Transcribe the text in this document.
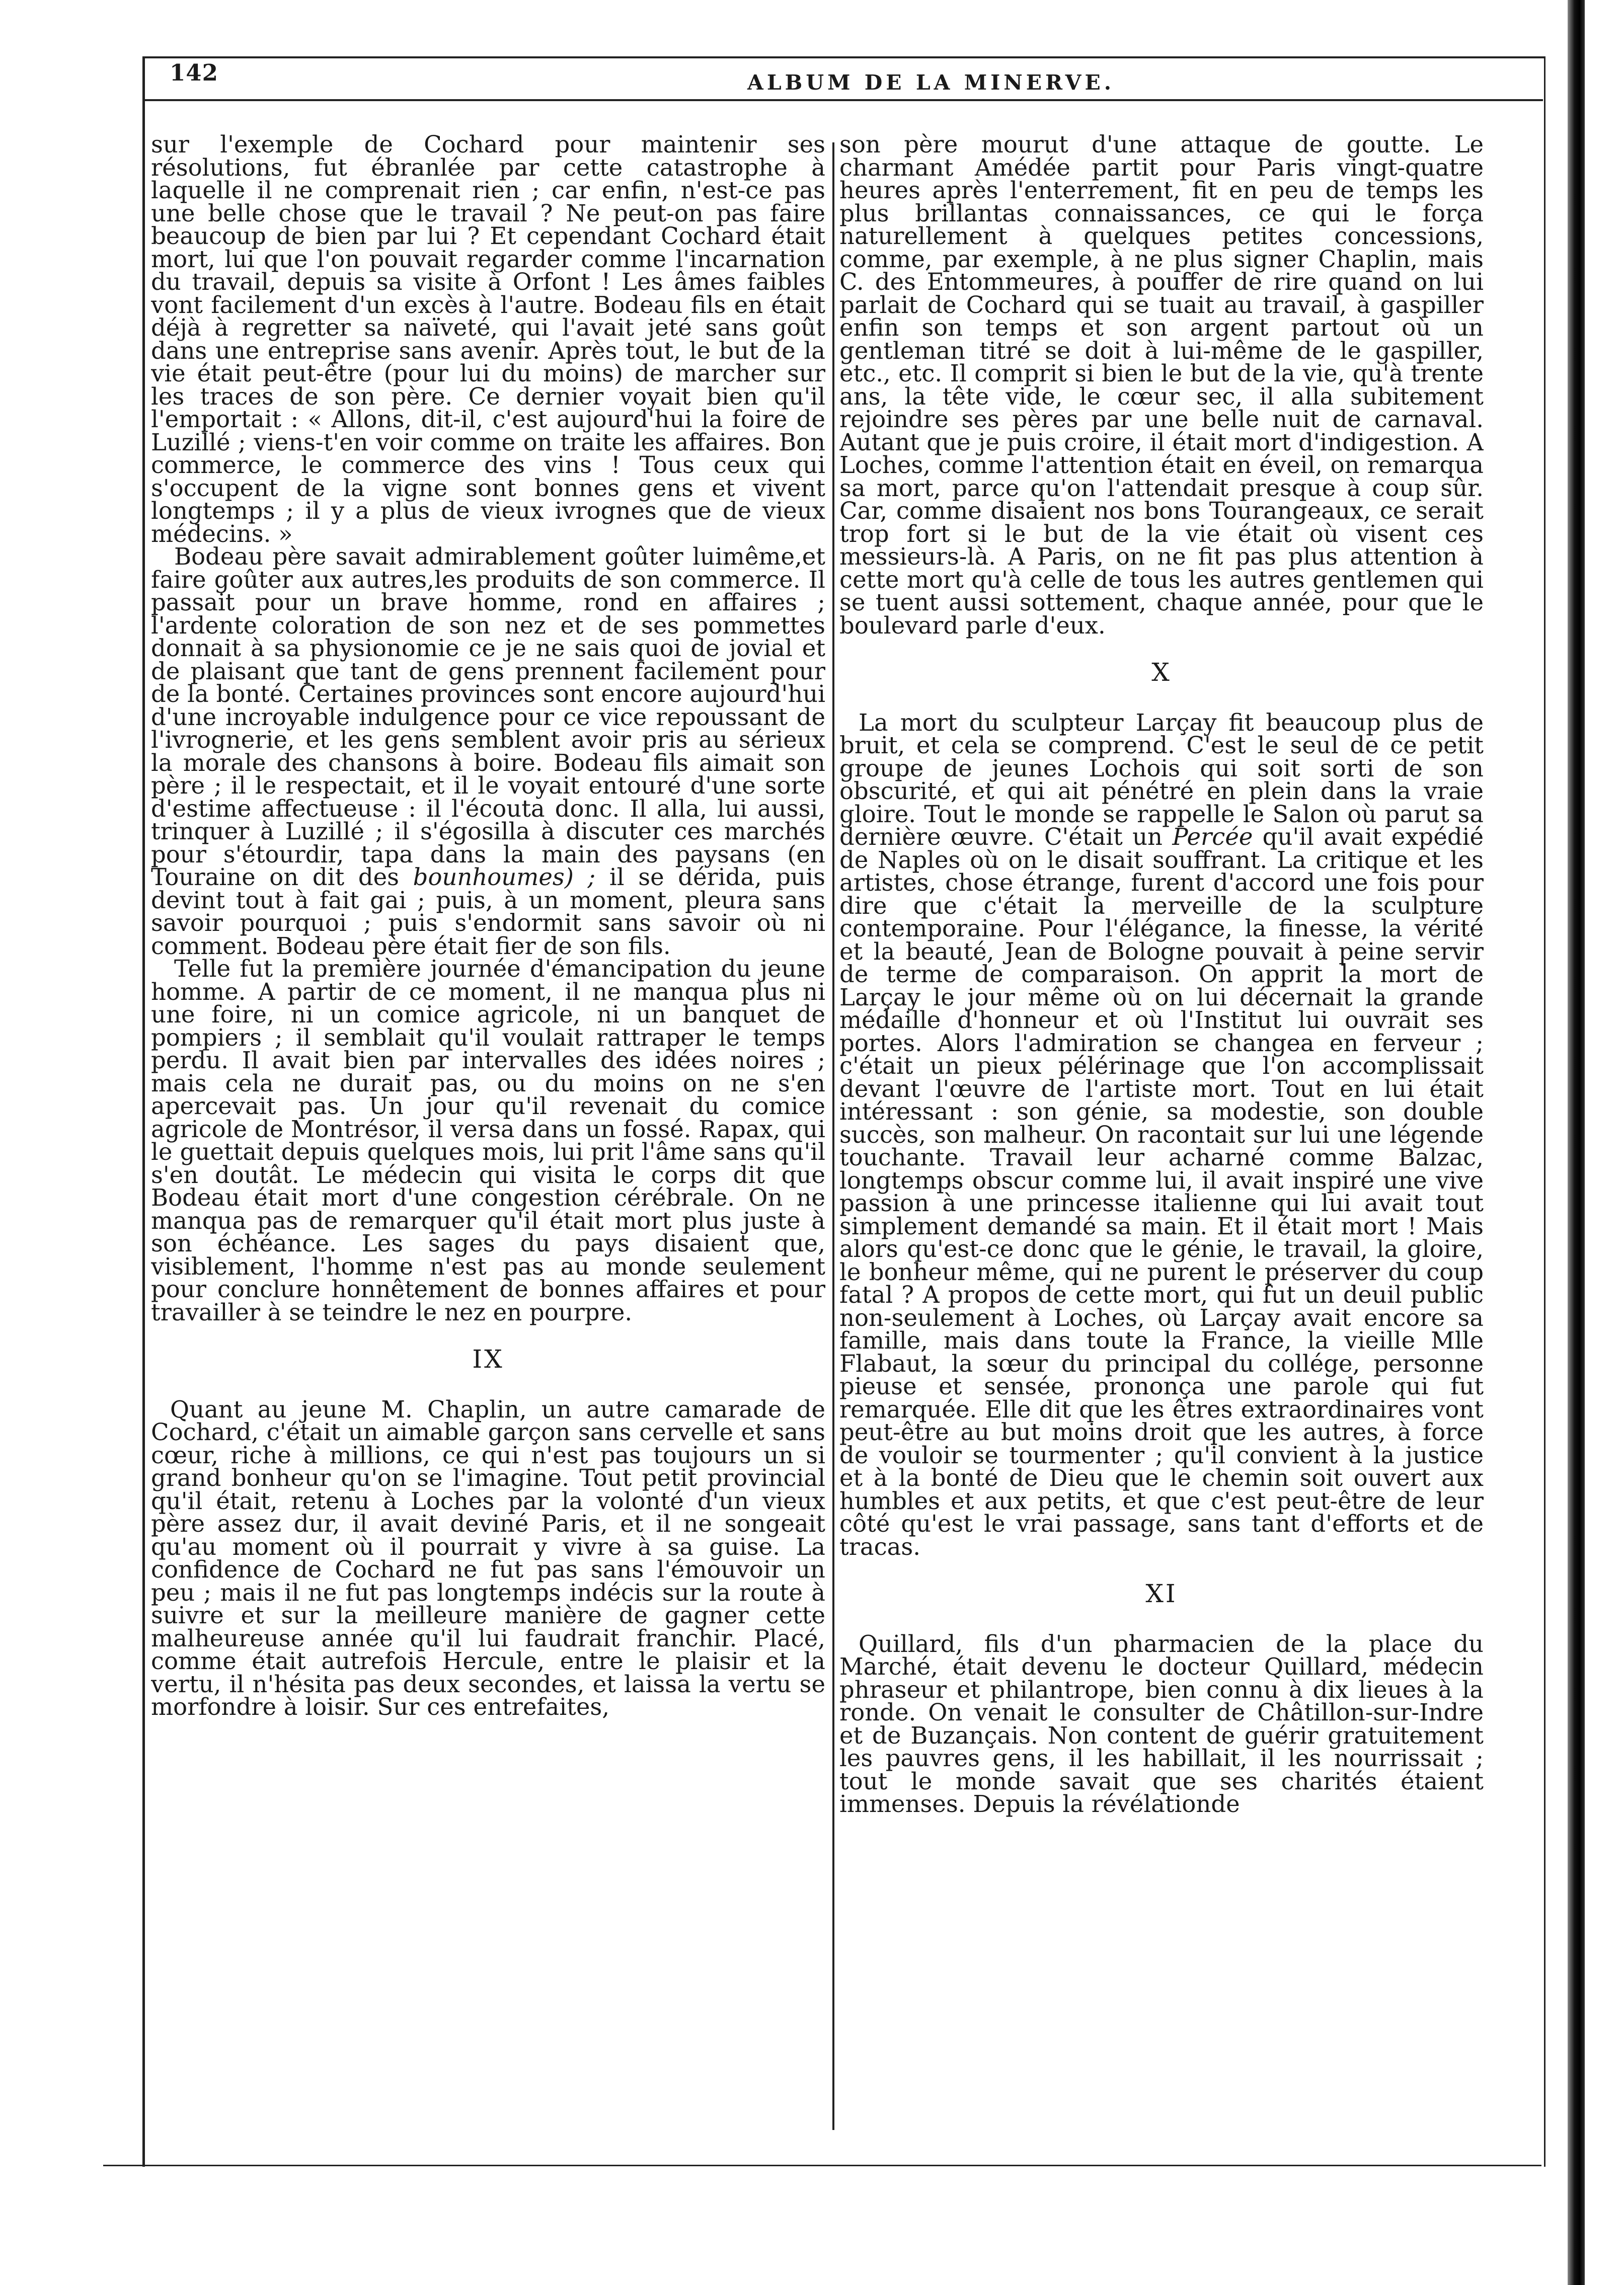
142	ALBUM DE LA MINERVE.

sur l'exemple de Cochard pour maintenir ses résolutions, fut ébranlée par cette catastrophe à laquelle il ne comprenait rien ; car enfin, n'est-ce pas une belle chose que le travail ? Ne peut-on pas faire beaucoup de bien par lui ? Et cependant Cochard était mort, lui que l'on pouvait regarder comme l'incarnation du travail, depuis sa visite à Orfont ! Les âmes faibles vont facilement d'un excès à l'autre. Bodeau fils en était déjà à regretter sa naïveté, qui l'avait jeté sans goût dans une entreprise sans avenir. Après tout, le but de la vie était peut-être (pour lui du moins) de marcher sur les traces de son père. Ce dernier voyait bien qu'il l'emportait : « Allons, dit-il, c'est aujourd'hui la foire de Luzillé ; viens-t'en voir comme on traite les affaires. Bon commerce, le commerce des vins ! Tous ceux qui s'occupent de la vigne sont bonnes gens et vivent longtemps ; il y a plus de vieux ivrognes que de vieux médecins. »

Bodeau père savait admirablement goûter luimême,et faire goûter aux autres,les produits de son commerce. Il passait pour un brave homme, rond en affaires ; l'ardente coloration de son nez et de ses pommettes donnait à sa physionomie ce je ne sais quoi de jovial et de plaisant que tant de gens prennent facilement pour de la bonté. Certaines provinces sont encore aujourd'hui d'une incroyable indulgence pour ce vice repoussant de l'ivrognerie, et les gens semblent avoir pris au sérieux la morale des chansons à boire. Bodeau fils aimait son père ; il le respectait, et il le voyait entouré d'une sorte d'estime affectueuse : il l'écouta donc. Il alla, lui aussi, trinquer à Luzillé ; il s'égosilla à discuter ces marchés pour s'étourdir, tapa dans la main des paysans (en Touraine on dit des bounhoumes) ; il se dérida, puis devint tout à fait gai ; puis, à un moment, pleura sans savoir pourquoi ; puis s'endormit sans savoir où ni comment. Bodeau père était fier de son fils.

Telle fut la première journée d'émancipation du jeune homme. A partir de ce moment, il ne manqua plus ni une foire, ni un comice agricole, ni un banquet de pompiers ; il semblait qu'il voulait rattraper le temps perdu. Il avait bien par intervalles des idées noires ; mais cela ne durait pas, ou du moins on ne s'en apercevait pas. Un jour qu'il revenait du comice agricole de Montrésor, il versa dans un fossé. Rapax, qui le guettait depuis quelques mois, lui prit l'âme sans qu'il s'en doutât. Le médecin qui visita le corps dit que Bodeau était mort d'une congestion cérébrale. On ne manqua pas de remarquer qu'il était mort plus juste à son échéance. Les sages du pays disaient que, visiblement, l'homme n'est pas au monde seulement pour conclure honnêtement de bonnes affaires et pour travailler à se teindre le nez en pourpre.

IX

Quant au jeune M. Chaplin, un autre camarade de Cochard, c'était un aimable garçon sans cervelle et sans cœur, riche à millions, ce qui n'est pas toujours un si grand bonheur qu'on se l'imagine. Tout petit provincial qu'il était, retenu à Loches par la volonté d'un vieux père assez dur, il avait deviné Paris, et il ne songeait qu'au moment où il pourrait y vivre à sa guise. La confidence de Cochard ne fut pas sans l'émouvoir un peu ; mais il ne fut pas longtemps indécis sur la route à suivre et sur la meilleure manière de gagner cette malheureuse année qu'il lui faudrait franchir. Placé, comme était autrefois Hercule, entre le plaisir et la vertu, il n'hésita pas deux secondes, et laissa la vertu se morfondre à loisir. Sur ces entrefaites,

son père mourut d'une attaque de goutte. Le charmant Amédée partit pour Paris vingt-quatre heures après l'enterrement, fit en peu de temps les plus brillantas connaissances, ce qui le força naturellement à quelques petites concessions, comme, par exemple, à ne plus signer Chaplin, mais C. des Entommeures, à pouffer de rire quand on lui parlait de Cochard qui se tuait au travail, à gaspiller enfin son temps et son argent partout où un gentleman titré se doit à lui-même de le gaspiller, etc., etc. Il comprit si bien le but de la vie, qu'à trente ans, la tête vide, le cœur sec, il alla subitement rejoindre ses pères par une belle nuit de carnaval. Autant que je puis croire, il était mort d'indigestion. A Loches, comme l'attention était en éveil, on remarqua sa mort, parce qu'on l'attendait presque à coup sûr. Car, comme disaient nos bons Tourangeaux, ce serait trop fort si le but de la vie était où visent ces messieurs-là. A Paris, on ne fit pas plus attention à cette mort qu'à celle de tous les autres gentlemen qui se tuent aussi sottement, chaque année, pour que le boulevard parle d'eux.

X

La mort du sculpteur Larçay fit beaucoup plus de bruit, et cela se comprend. C'est le seul de ce petit groupe de jeunes Lochois qui soit sorti de son obscurité, et qui ait pénétré en plein dans la vraie gloire. Tout le monde se rappelle le Salon où parut sa dernière œuvre. C'était un Percée qu'il avait expédié de Naples où on le disait souffrant. La critique et les artistes, chose étrange, furent d'accord une fois pour dire que c'était la merveille de la sculpture contemporaine. Pour l'élégance, la finesse, la vérité et la beauté, Jean de Bologne pouvait à peine servir de terme de comparaison. On apprit la mort de Larçay le jour même où on lui décernait la grande médaille d'honneur et où l'Institut lui ouvrait ses portes. Alors l'admiration se changea en ferveur ; c'était un pieux pélérinage que l'on accomplissait devant l'œuvre de l'artiste mort. Tout en lui était intéressant : son génie, sa modestie, son double succès, son malheur. On racontait sur lui une légende touchante. Travail leur acharné comme Balzac, longtemps obscur comme lui, il avait inspiré une vive passion à une princesse italienne qui lui avait tout simplement demandé sa main. Et il était mort ! Mais alors qu'est-ce donc que le génie, le travail, la gloire, le bonheur même, qui ne purent le préserver du coup fatal ? A propos de cette mort, qui fut un deuil public non-seulement à Loches, où Larçay avait encore sa famille, mais dans toute la France, la vieille Mlle Flabaut, la sœur du principal du collége, personne pieuse et sensée, prononça une parole qui fut remarquée. Elle dit que les êtres extraordinaires vont peut-être au but moins droit que les autres, à force de vouloir se tourmenter ; qu'il convient à la justice et à la bonté de Dieu que le chemin soit ouvert aux humbles et aux petits, et que c'est peut-être de leur côté qu'est le vrai passage, sans tant d'efforts et de tracas.

XI

Quillard, fils d'un pharmacien de la place du Marché, était devenu le docteur Quillard, médecin phraseur et philantrope, bien connu à dix lieues à la ronde. On venait le consulter de Châtillon-sur-Indre et de Buzançais. Non content de guérir gratuitement les pauvres gens, il les habillait, il les nourrissait ; tout le monde savait que ses charités étaient immenses. Depuis la révélationde
